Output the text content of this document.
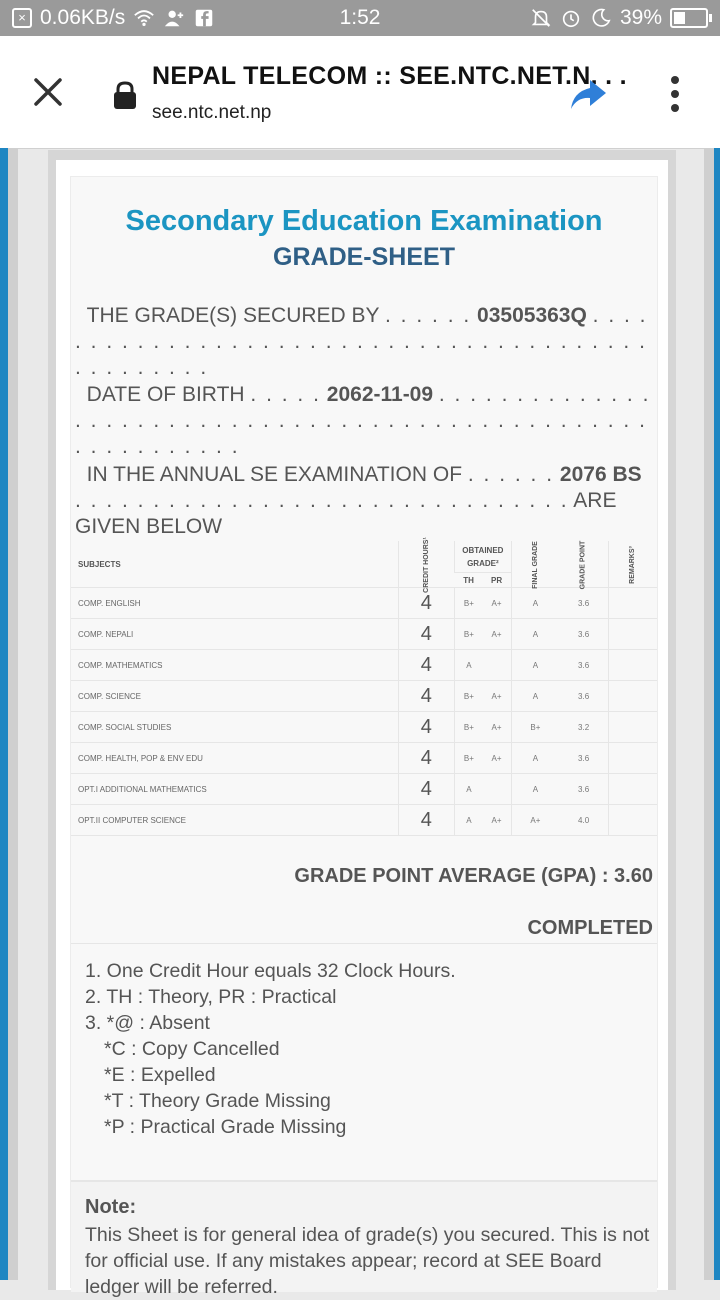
× 0.06KB/s	1:52	39%
NEPAL TELECOM :: SEE.NTC.NET.N. . .
see.ntc.net.np
Secondary Education Examination
GRADE-SHEET
THE GRADE(S) SECURED BY . . . . . . 03505363Q . . . . . . . . . . . . . . . . . . . . . . . . . . . . . . . . . . . . . . . . . . . . . . . . . .
DATE OF BIRTH . . . . . 2062-11-09 . . . . . . . . . . . . . . . . . . . . . . . . . . . . . . . . . . . . . . . . . . . . . . . . . . . . . . . . . . . . . .
IN THE ANNUAL SE EXAMINATION OF . . . . . . 2076 BS . . . . . . . . . . . . . . . . . . . . . . . . . . . . . . . . ARE GIVEN BELOW
SUBJECTS	CREDIT HOURS¹	OBTAINED GRADE²		FINAL GRADE	GRADE POINT	REMARKS³
		TH	PR			
COMP. ENGLISH	4	B+	A+	A	3.6	
COMP. NEPALI	4	B+	A+	A	3.6	
COMP. MATHEMATICS	4	A		A	3.6	
COMP. SCIENCE	4	B+	A+	A	3.6	
COMP. SOCIAL STUDIES	4	B+	A+	B+	3.2	
COMP. HEALTH, POP & ENV EDU	4	B+	A+	A	3.6	
OPT.I ADDITIONAL MATHEMATICS	4	A		A	3.6	
OPT.II COMPUTER SCIENCE	4	A	A+	A+	4.0	
GRADE POINT AVERAGE (GPA) : 3.60
COMPLETED
1. One Credit Hour equals 32 Clock Hours.
2. TH : Theory, PR : Practical
3. *@ : Absent
*C : Copy Cancelled
*E : Expelled
*T : Theory Grade Missing
*P : Practical Grade Missing
Note:
This Sheet is for general idea of grade(s) you secured. This is not for official use. If any mistakes appear; record at SEE Board ledger will be referred.
